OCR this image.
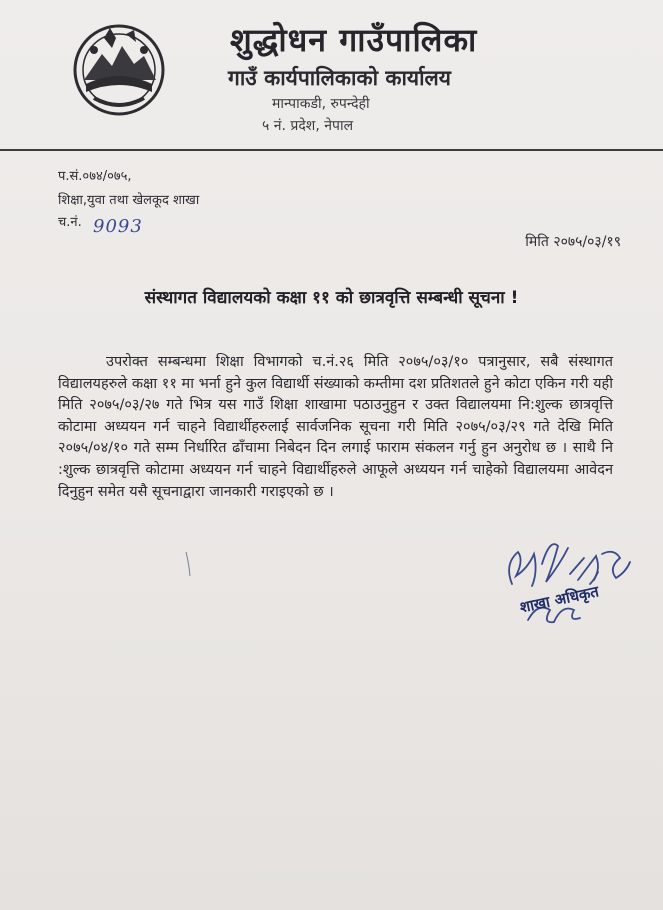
शुद्धोधन गाउँपालिका
गाउँ कार्यपालिकाको कार्यालय
मान्पाकडी, रुपन्देही
५ नं. प्रदेश, नेपाल
प.सं.०७४/०७५,
शिक्षा,युवा तथा खेलकूद शाखा
च.नं. 9093
मिति २०७५/०३/१९
संस्थागत विद्यालयको कक्षा ११ को छात्रवृत्ति सम्बन्धी सूचना !
उपरोक्त सम्बन्धमा शिक्षा विभागको च.नं.२६ मिति २०७५/०३/१० पत्रानुसार, सबै संस्थागत विद्यालयहरुले कक्षा ११ मा भर्ना हुने कुल विद्यार्थी संख्याको कम्तीमा दश प्रतिशतले हुने कोटा एकिन गरी यही मिति २०७५/०३/२७ गते भित्र यस गाउँ शिक्षा शाखामा पठाउनुहुन र उक्त विद्यालयमा नि:शुल्क छात्रवृत्ति कोटामा अध्ययन गर्न चाहने विद्यार्थीहरुलाई सार्वजनिक सूचना गरी मिति २०७५/०३/२९ गते देखि मिति २०७५/०४/१० गते सम्म निर्धारित ढाँचामा निबेदन दिन लगाई फाराम संकलन गर्नु हुन अनुरोध छ । साथै नि :शुल्क छात्रवृत्ति कोटामा अध्ययन गर्न चाहने विद्यार्थीहरुले आफूले अध्ययन गर्न चाहेको विद्यालयमा आवेदन दिनुहुन समेत यसै सूचनाद्वारा जानकारी गराइएको छ ।
शाखा अधिकृत
